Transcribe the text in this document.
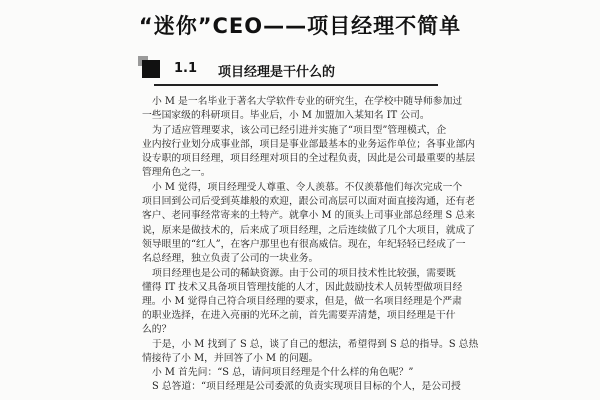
“迷你”CEO——项目经理不简单
1.1 项目经理是干什么的
小 M 是一名毕业于著名大学软件专业的研究生，在学校中随导师参加过
一些国家级的科研项目。毕业后，小 M 加盟加入某知名 IT 公司。
为了适应管理要求，该公司已经引进并实施了“项目型”管理模式，企
业内按行业划分成事业部，项目是事业部最基本的业务运作单位；各事业部内
设专职的项目经理，项目经理对项目的全过程负责，因此是公司最重要的基层
管理角色之一。
小 M 觉得，项目经理受人尊重、令人羡慕。不仅羡慕他们每次完成一个
项目回到公司后受到英雄般的欢迎，跟公司高层可以面对面直接沟通，还有老
客户、老同事经常寄来的土特产。就拿小 M 的顶头上司事业部总经理 S 总来
说，原来是做技术的，后来成了项目经理，之后连续做了几个大项目，就成了
领导眼里的“红人”，在客户那里也有很高威信。现在，年纪轻轻已经成了一
名总经理，独立负责了公司的一块业务。
项目经理也是公司的稀缺资源。由于公司的项目技术性比较强，需要既
懂得 IT 技术又具备项目管理技能的人才，因此鼓励技术人员转型做项目经
理。小 M 觉得自己符合项目经理的要求，但是，做一名项目经理是个严肃
的职业选择，在进入亮丽的光环之前，首先需要弄清楚，项目经理是干什
么的？
于是，小 M 找到了 S 总，谈了自己的想法，希望得到 S 总的指导。S 总热
情接待了小 M，并回答了小 M 的问题。
小 M 首先问：“S 总，请问项目经理是个什么样的角色呢？”
S 总答道：“项目经理是公司委派的负责实现项目目标的个人，是公司授
